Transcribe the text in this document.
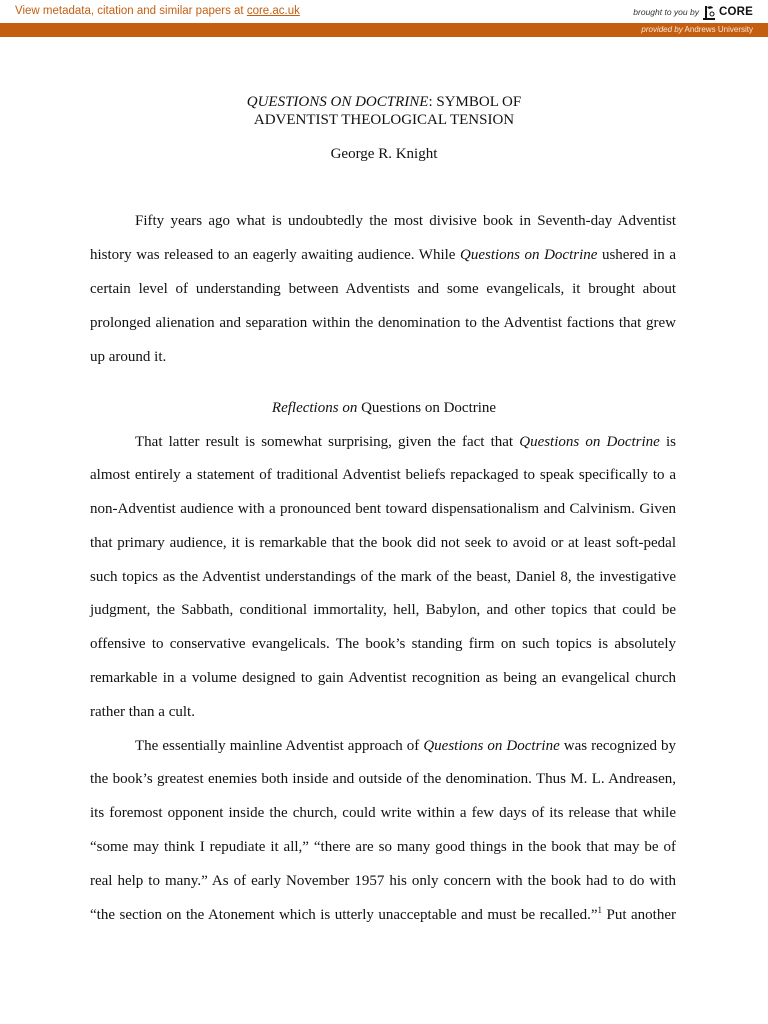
View metadata, citation and similar papers at core.ac.uk	brought to you by CORE
provided by Andrews University
QUESTIONS ON DOCTRINE: SYMBOL OF
ADVENTIST THEOLOGICAL TENSION
George R. Knight
Fifty years ago what is undoubtedly the most divisive book in Seventh-day Adventist
history was released to an eagerly awaiting audience. While Questions on Doctrine ushered in a
certain level of understanding between Adventists and some evangelicals, it brought about
prolonged alienation and separation within the denomination to the Adventist factions that grew
up around it.
Reflections on Questions on Doctrine
That latter result is somewhat surprising, given the fact that Questions on Doctrine is
almost entirely a statement of traditional Adventist beliefs repackaged to speak specifically to a
non-Adventist audience with a pronounced bent toward dispensationalism and Calvinism. Given
that primary audience, it is remarkable that the book did not seek to avoid or at least soft-pedal
such topics as the Adventist understandings of the mark of the beast, Daniel 8, the investigative
judgment, the Sabbath, conditional immortality, hell, Babylon, and other topics that could be
offensive to conservative evangelicals. The book’s standing firm on such topics is absolutely
remarkable in a volume designed to gain Adventist recognition as being an evangelical church
rather than a cult.
The essentially mainline Adventist approach of Questions on Doctrine was recognized by
the book’s greatest enemies both inside and outside of the denomination. Thus M. L. Andreasen,
its foremost opponent inside the church, could write within a few days of its release that while
“some may think I repudiate it all,” “there are so many good things in the book that may be of
real help to many.” As of early November 1957 his only concern with the book had to do with
“the section on the Atonement which is utterly unacceptable and must be recalled.”$^1$ Put another
